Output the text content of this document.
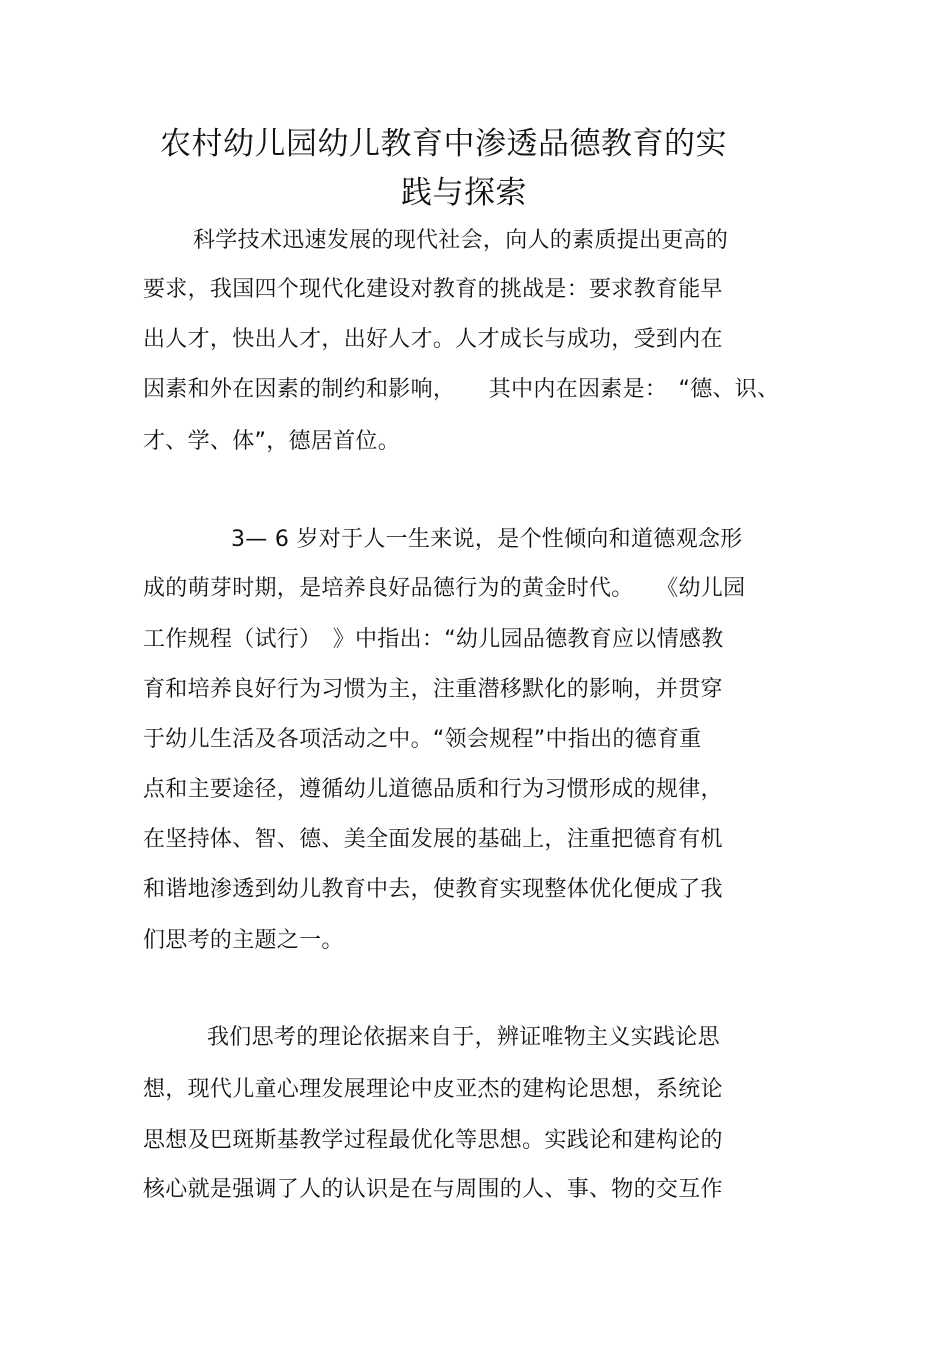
农村幼儿园幼儿教育中渗透品德教育的实
践与探索
科学技术迅速发展的现代社会，向人的素质提出更高的
要求，我国四个现代化建设对教育的挑战是：要求教育能早
出人才，快出人才，出好人才。人才成长与成功，受到内在
因素和外在因素的制约和影响，　　其中内在因素是：　“德、识、
才、学、体”，德居首位。
3— 6 岁对于人一生来说，是个性倾向和道德观念形
成的萌芽时期，是培养良好品德行为的黄金时代。　　《幼儿园
工作规程（试行）　》中指出：“幼儿园品德教育应以情感教
育和培养良好行为习惯为主，注重潜移默化的影响，并贯穿
于幼儿生活及各项活动之中。“领会规程”中指出的德育重
点和主要途径，遵循幼儿道德品质和行为习惯形成的规律，
在坚持体、智、德、美全面发展的基础上，注重把德育有机
和谐地渗透到幼儿教育中去，使教育实现整体优化便成了我
们思考的主题之一。
我们思考的理论依据来自于，辨证唯物主义实践论思
想，现代儿童心理发展理论中皮亚杰的建构论思想，系统论
思想及巴斑斯基教学过程最优化等思想。实践论和建构论的
核心就是强调了人的认识是在与周围的人、事、物的交互作
